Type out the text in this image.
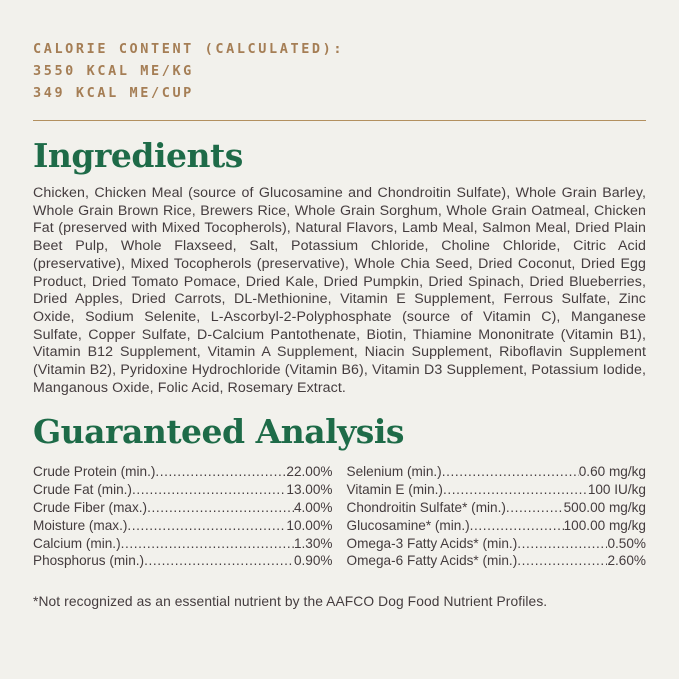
CALORIE CONTENT (CALCULATED):
3550 KCAL ME/KG
349 KCAL ME/CUP
Ingredients

Chicken, Chicken Meal (source of Glucosamine and Chondroitin Sulfate), Whole Grain Barley, Whole Grain Brown Rice, Brewers Rice, Whole Grain Sorghum, Whole Grain Oatmeal, Chicken Fat (preserved with Mixed Tocopherols), Natural Flavors, Lamb Meal, Salmon Meal, Dried Plain Beet Pulp, Whole Flaxseed, Salt, Potassium Chloride, Choline Chloride, Citric Acid (preservative), Mixed Tocopherols (preservative), Whole Chia Seed, Dried Coconut, Dried Egg Product, Dried Tomato Pomace, Dried Kale, Dried Pumpkin, Dried Spinach, Dried Blueberries, Dried Apples, Dried Carrots, DL-Methionine, Vitamin E Supplement, Ferrous Sulfate, Zinc Oxide, Sodium Selenite, L-Ascorbyl-2-Polyphosphate (source of Vitamin C), Manganese Sulfate, Copper Sulfate, D-Calcium Pantothenate, Biotin, Thiamine Mononitrate (Vitamin B1), Vitamin B12 Supplement, Vitamin A Supplement, Niacin Supplement, Riboflavin Supplement (Vitamin B2), Pyridoxine Hydrochloride (Vitamin B6), Vitamin D3 Supplement, Potassium Iodide, Manganous Oxide, Folic Acid, Rosemary Extract.

Guaranteed Analysis
Crude Protein (min.) .....	22.00%
Crude Fat (min.) .....	13.00%
Crude Fiber (max.) .....	4.00%
Moisture (max.) .....	10.00%
Calcium (min.) .....	1.30%
Phosphorus (min.) .....	0.90%
Selenium (min.) .....	0.60 mg/kg
Vitamin E (min.) .....	100 IU/kg
Chondroitin Sulfate* (min.) .....	500.00 mg/kg
Glucosamine* (min.) .....	100.00 mg/kg
Omega-3 Fatty Acids* (min.) .....	0.50%
Omega-6 Fatty Acids* (min.) .....	2.60%
*Not recognized as an essential nutrient by the AAFCO Dog Food Nutrient Profiles.
